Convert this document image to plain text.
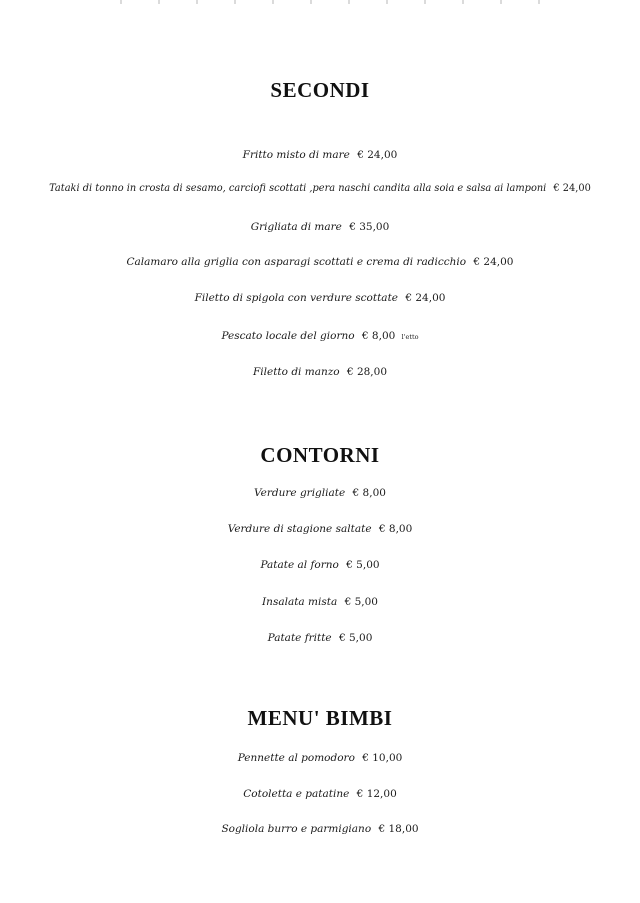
SECONDI
Fritto misto di mare € 24,00
Tataki di tonno in crosta di sesamo, carciofi scottati ,pera naschi candita alla soia e salsa ai lamponi € 24,00
Grigliata di mare € 35,00
Calamaro alla griglia con asparagi scottati e crema di radicchio € 24,00
Filetto di spigola con verdure scottate € 24,00
Pescato locale del giorno € 8,00 l'etto
Filetto di manzo € 28,00
CONTORNI
Verdure grigliate € 8,00
Verdure di stagione saltate € 8,00
Patate al forno € 5,00
Insalata mista € 5,00
Patate fritte € 5,00
MENU' BIMBI
Pennette al pomodoro € 10,00
Cotoletta e patatine € 12,00
Sogliola burro e parmigiano € 18,00
